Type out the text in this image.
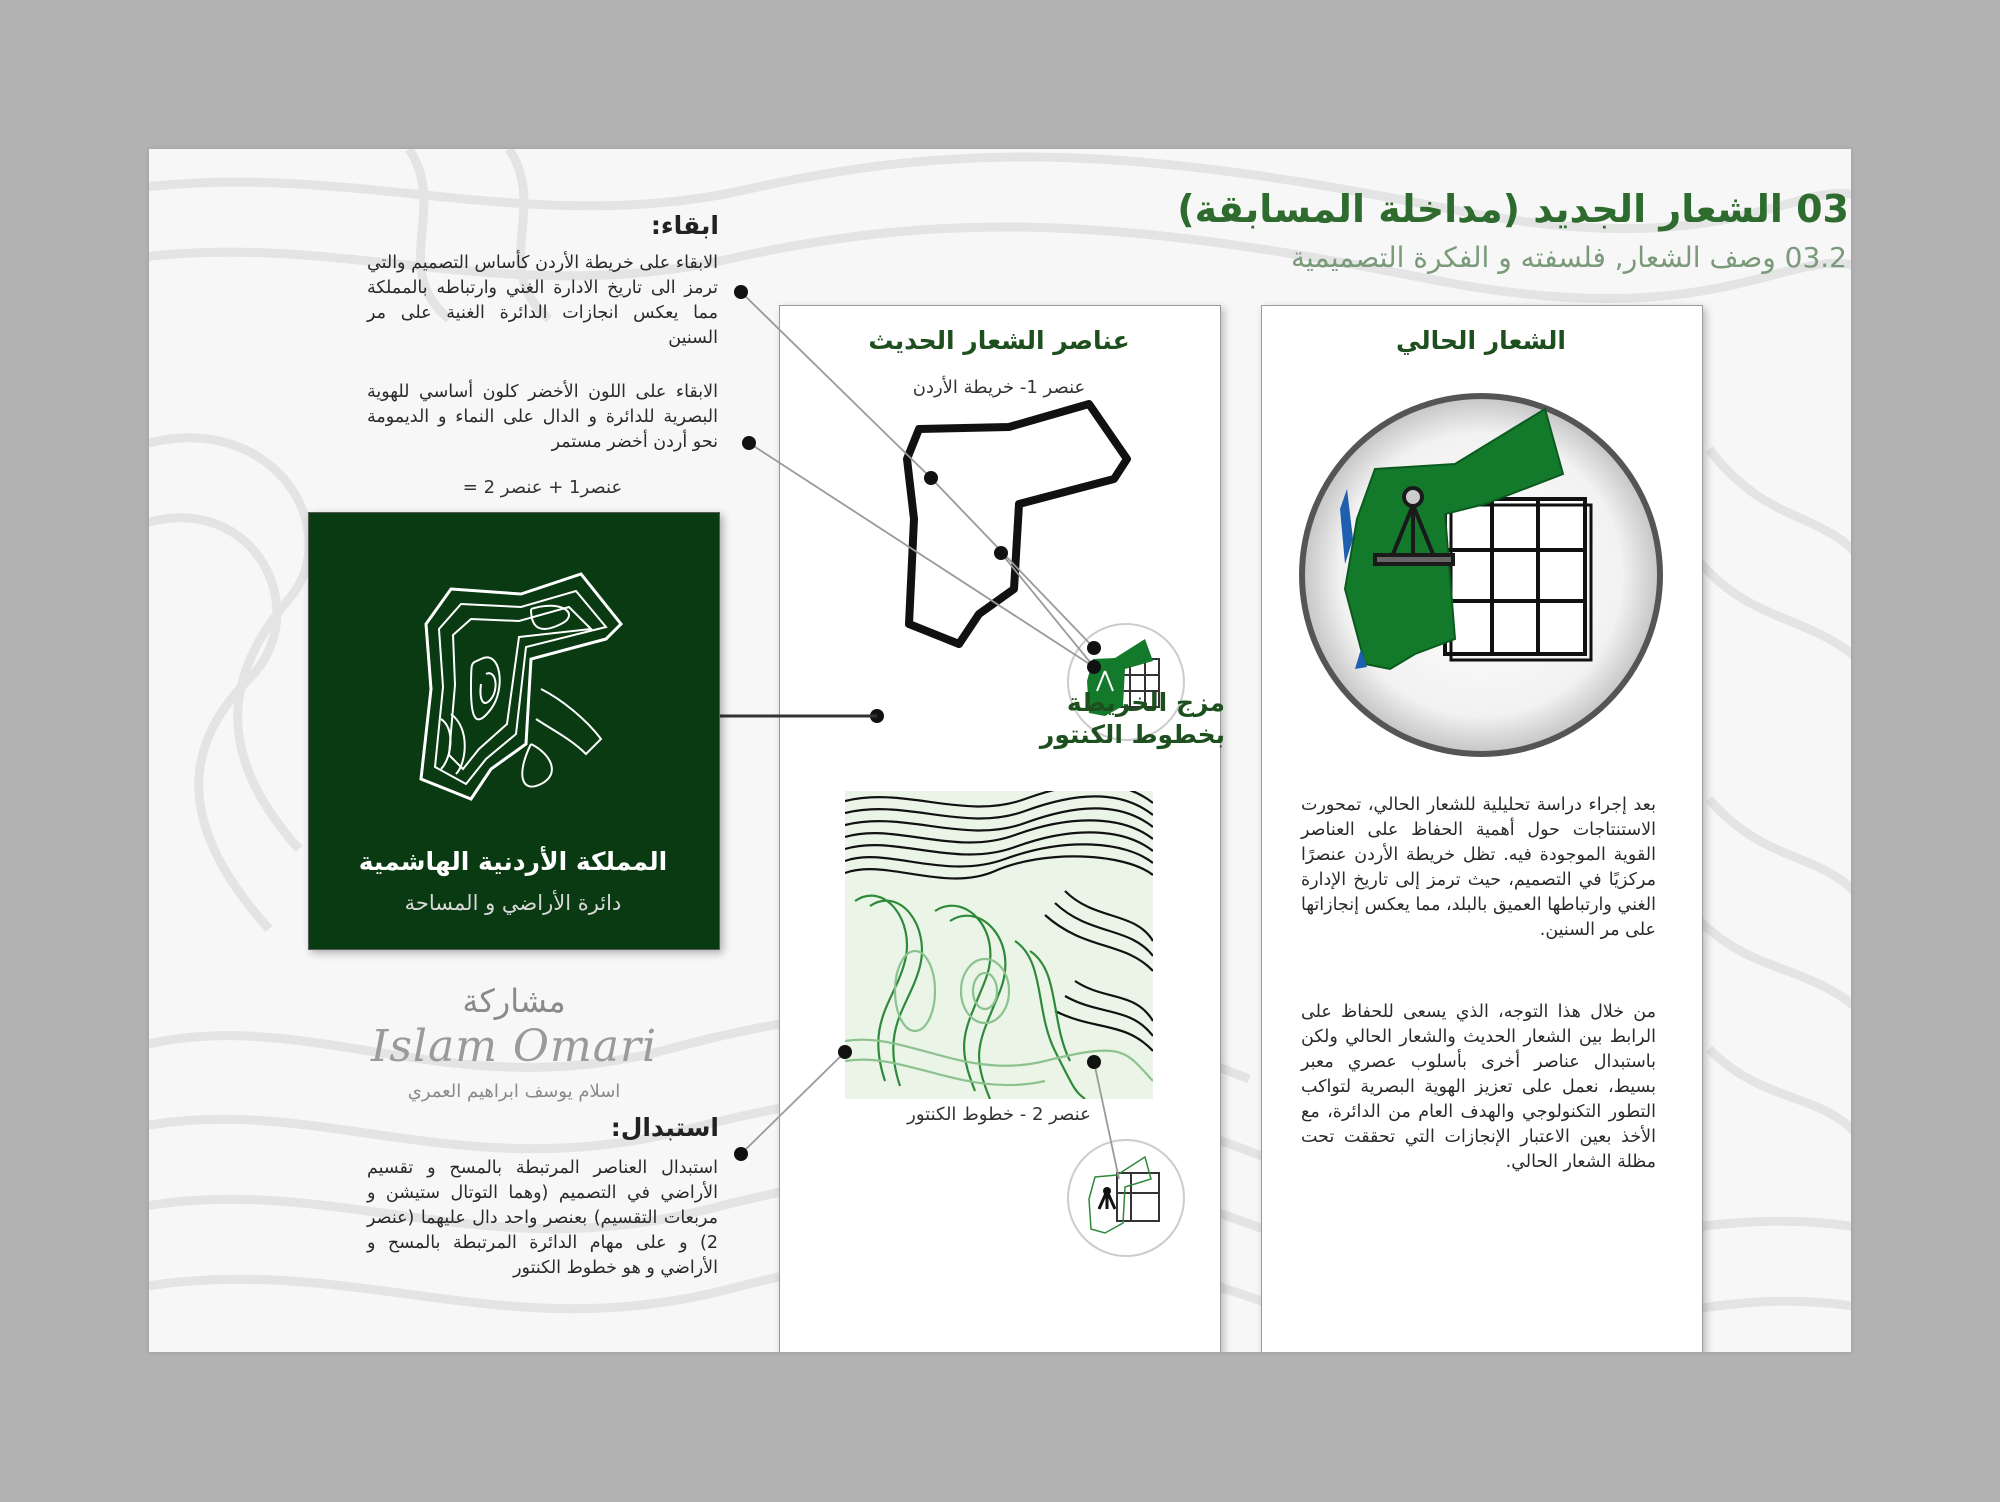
03 الشعار الجديد (مداخلة المسابقة)
03.2 وصف الشعار, فلسفته و الفكرة التصميمية
الشعار الحالي
بعد إجراء دراسة تحليلية للشعار الحالي، تمحورت الاستنتاجات حول أهمية الحفاظ على العناصر القوية الموجودة فيه. تظل خريطة الأردن عنصرًا مركزيًا في التصميم، حيث ترمز إلى تاريخ الإدارة الغني وارتباطها العميق بالبلد، مما يعكس إنجازاتها على مر السنين.
من خلال هذا التوجه، الذي يسعى للحفاظ على الرابط بين الشعار الحديث والشعار الحالي ولكن باستبدال عناصر أخرى بأسلوب عصري معبر بسيط، نعمل على تعزيز الهوية البصرية لتواكب التطور التكنولوجي والهدف العام من الدائرة، مع الأخذ بعين الاعتبار الإنجازات التي تحققت تحت مظلة الشعار الحالي.
عناصر الشعار الحديث
عنصر 1- خريطة الأردن
مزج الخريطة
بخطوط الكنتور
عنصر 2 - خطوط الكنتور
ابقاء:
الابقاء على خريطة الأردن كأساس التصميم والتي ترمز الى تاريخ الادارة الغني وارتباطه بالمملكة مما يعكس انجازات الدائرة الغنية على مر السنين
الابقاء على اللون الأخضر كلون أساسي للهوية البصرية للدائرة و الدال على النماء و الديمومة نحو أردن أخضر مستمر
عنصر1 + عنصر 2 =
المملكة الأردنية الهاشمية
دائرة الأراضي و المساحة
مشاركة
Islam Omari
اسلام يوسف ابراهيم العمري
استبدال:
استبدال العناصر المرتبطة بالمسح و تقسيم الأراضي في التصميم (وهما التوتال ستيشن و مربعات التقسيم) بعنصر واحد دال عليهما (عنصر 2) و على مهام الدائرة المرتبطة بالمسح و الأراضي و هو خطوط الكنتور
